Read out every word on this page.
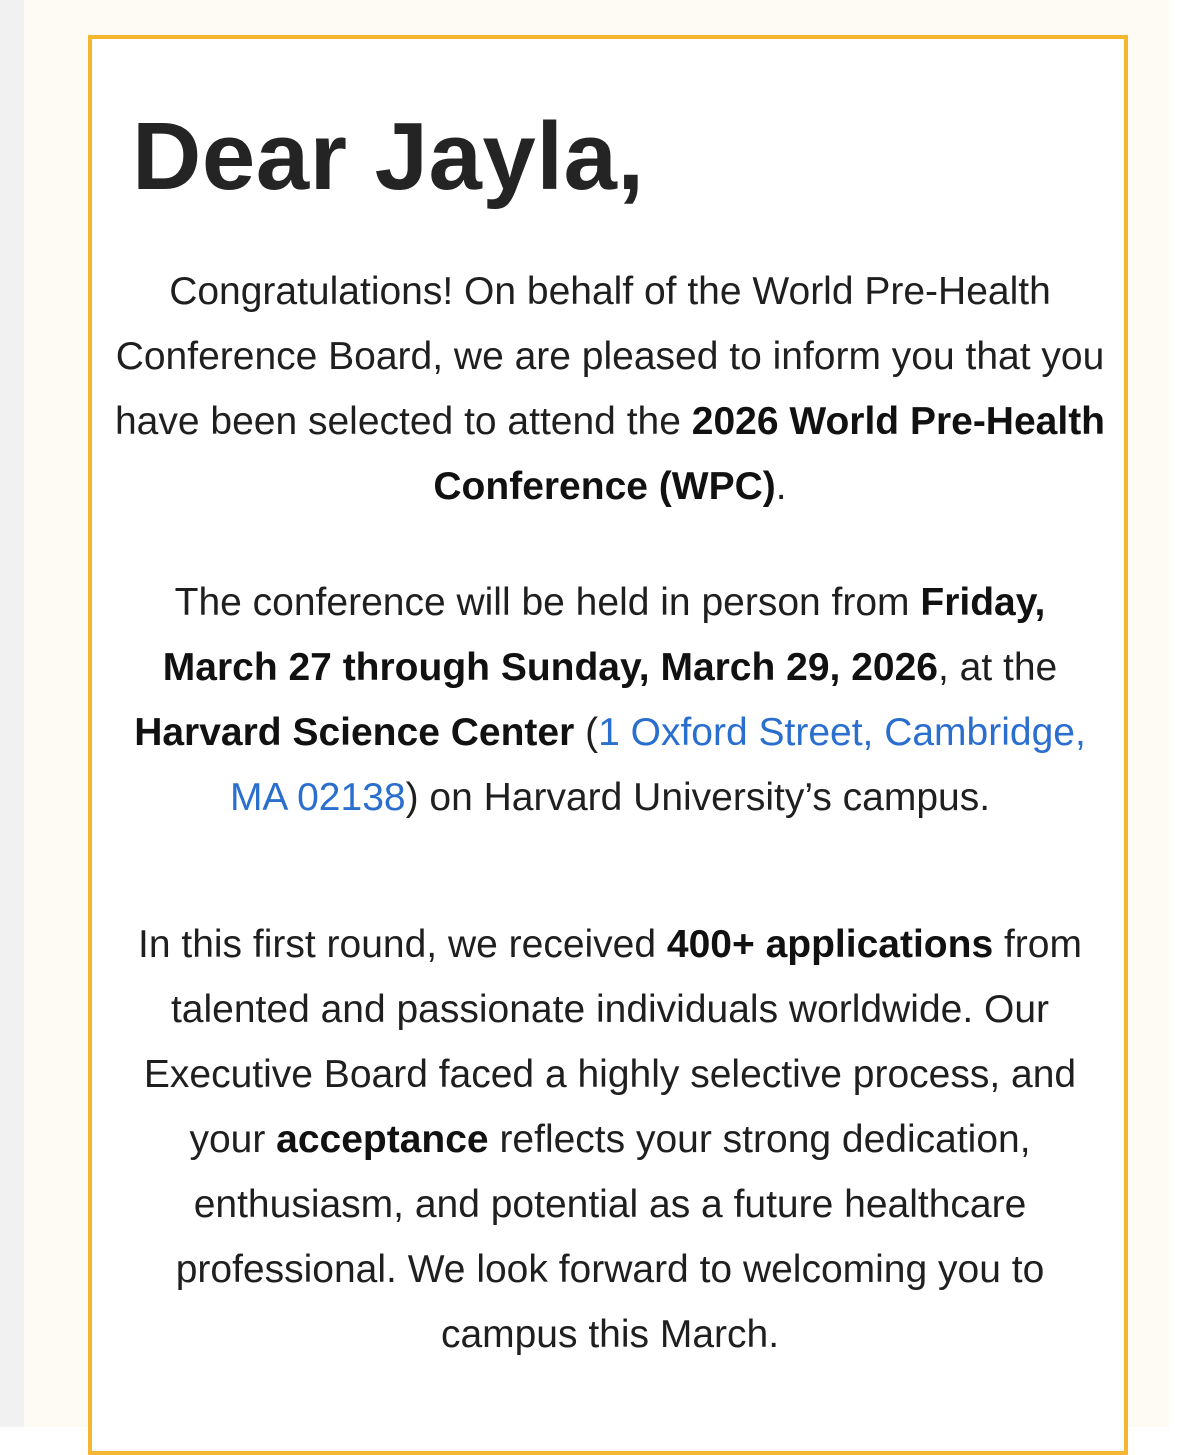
Dear Jayla,

Congratulations! On behalf of the World Pre-Health Conference Board, we are pleased to inform you that you have been selected to attend the 2026 World Pre-Health Conference (WPC).

The conference will be held in person from Friday, March 27 through Sunday, March 29, 2026, at the Harvard Science Center (1 Oxford Street, Cambridge, MA 02138) on Harvard University’s campus.

In this first round, we received 400+ applications from talented and passionate individuals worldwide. Our Executive Board faced a highly selective process, and your acceptance reflects your strong dedication, enthusiasm, and potential as a future healthcare professional. We look forward to welcoming you to campus this March.
